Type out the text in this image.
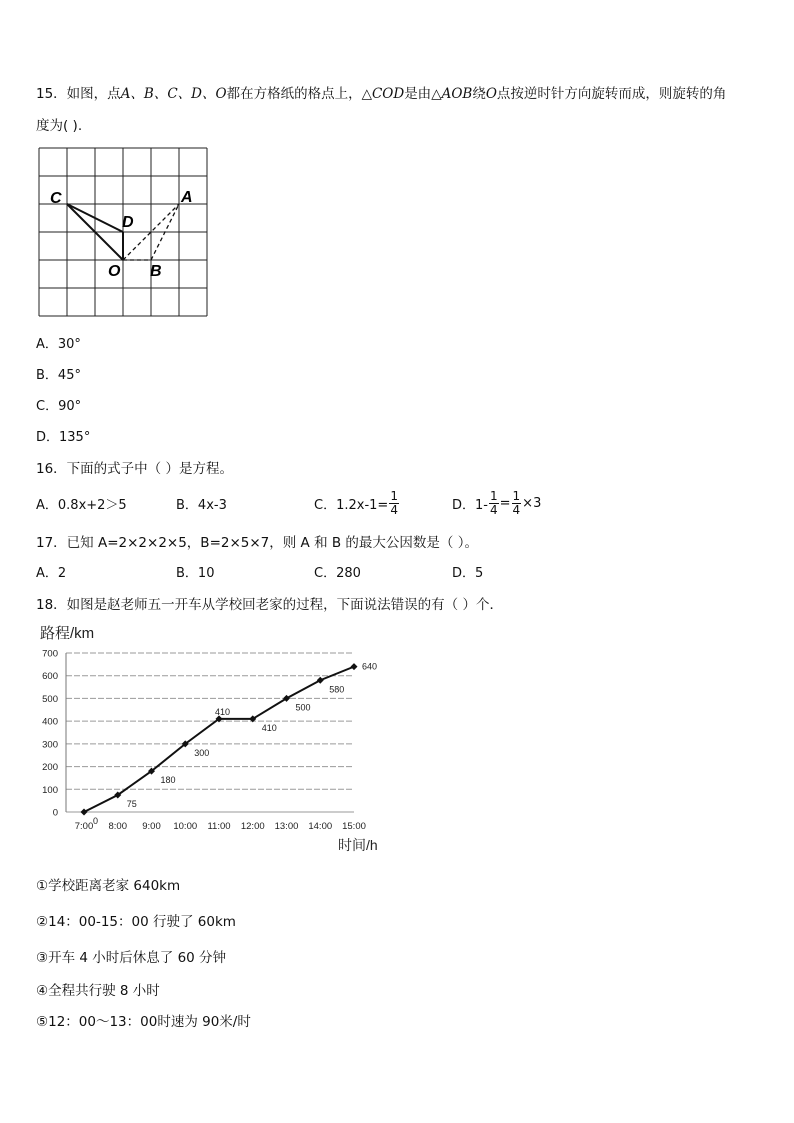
15．如图，点A、B、C、D、O都在方格纸的格点上，△COD是由△AOB绕O点按逆时针方向旋转而成，则旋转的角
度为( ).
C
D
A
O B
A．30°
B．45°
C．90°
D．135°
16．下面的式子中（ ）是方程。
A．0.8x+2＞5	B．4x-3	C．$1.2x-1= \frac{1}{4}$	D．$1- \frac{1}{4} = \frac{1}{4} \times 3$
17．已知 A=2×2×2×5，B=2×5×7，则 A 和 B 的最大公因数是（ ）。
A．2	B．10	C．280	D．5
18．如图是赵老师五一开车从学校回老家的过程，下面说法错误的有（ ）个．
路程/km
0
100
200
300
400
500
600
700
7:00 8:00 9:00 10:00 11:00 12:00 13:00 14:00 15:00
时间/h
0
75
180
300
410
410
500
580
640
①学校距离老家 640km
②14：00-15：00 行驶了 60km
③开车 4 小时后休息了 60 分钟
④全程共行驶 8 小时
⑤12：00～13：00时速为 90米/时
